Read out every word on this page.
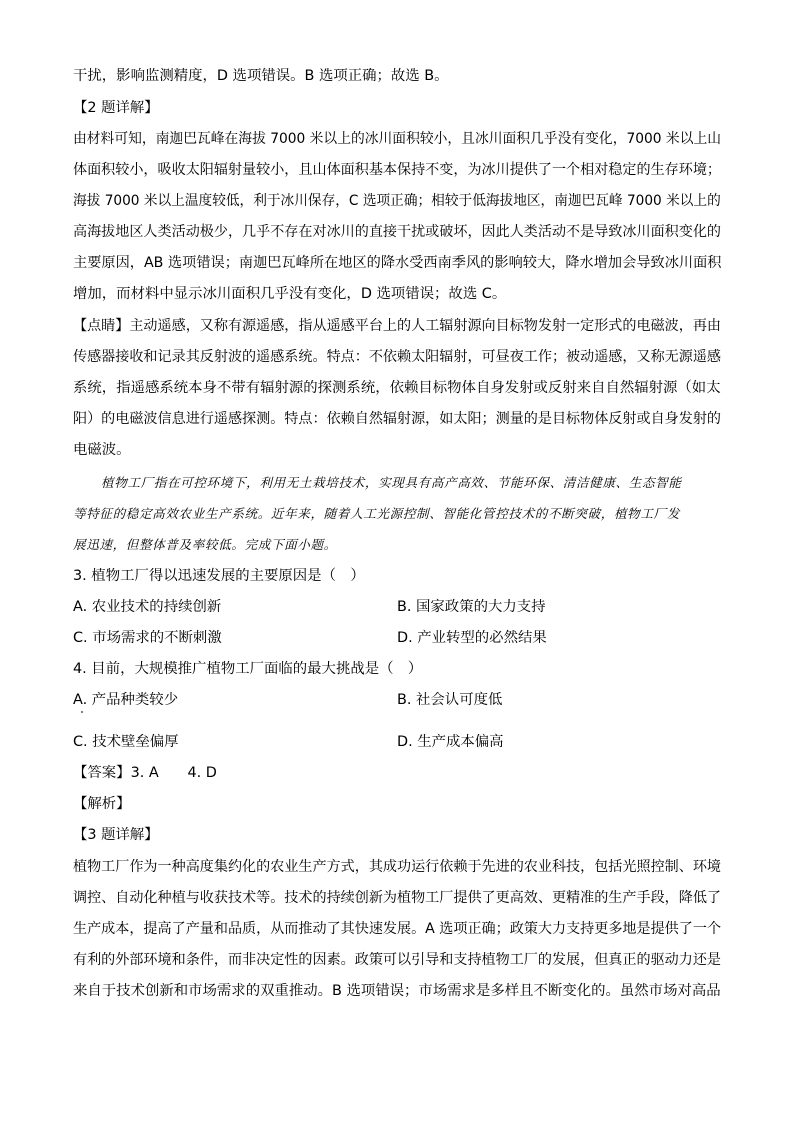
干扰，影响监测精度，D 选项错误。B 选项正确；故选 B。
【2 题详解】
由材料可知，南迦巴瓦峰在海拔 7000 米以上的冰川面积较小，且冰川面积几乎没有变化，7000 米以上山
体面积较小，吸收太阳辐射量较小，且山体面积基本保持不变，为冰川提供了一个相对稳定的生存环境；
海拔 7000 米以上温度较低，利于冰川保存，C 选项正确；相较于低海拔地区，南迦巴瓦峰 7000 米以上的
高海拔地区人类活动极少，几乎不存在对冰川的直接干扰或破坏，因此人类活动不是导致冰川面积变化的
主要原因，AB 选项错误；南迦巴瓦峰所在地区的降水受西南季风的影响较大，降水增加会导致冰川面积
增加，而材料中显示冰川面积几乎没有变化，D 选项错误；故选 C。
【点睛】主动遥感，又称有源遥感，指从遥感平台上的人工辐射源向目标物发射一定形式的电磁波，再由
传感器接收和记录其反射波的遥感系统。特点：不依赖太阳辐射，可昼夜工作；被动遥感，又称无源遥感
系统，指遥感系统本身不带有辐射源的探测系统，依赖目标物体自身发射或反射来自自然辐射源（如太
阳）的电磁波信息进行遥感探测。特点：依赖自然辐射源，如太阳；测量的是目标物体反射或自身发射的
电磁波。
植物工厂指在可控环境下，利用无土栽培技术，实现具有高产高效、节能环保、清洁健康、生态智能
等特征的稳定高效农业生产系统。近年来，随着人工光源控制、智能化管控技术的不断突破，植物工厂发
展迅速，但整体普及率较低。完成下面小题。
3. 植物工厂得以迅速发展的主要原因是（　）
A. 农业技术的持续创新	B. 国家政策的大力支持
C. 市场需求的不断刺激	D. 产业转型的必然结果
4. 目前，大规模推广植物工厂面临的最大挑战是（　）
A. 产品种类较少	B. 社会认可度低
C. 技术壁垒偏厚	D. 生产成本偏高
【答案】3. A　　4. D
【解析】
【3 题详解】
植物工厂作为一种高度集约化的农业生产方式，其成功运行依赖于先进的农业科技，包括光照控制、环境
调控、自动化种植与收获技术等。技术的持续创新为植物工厂提供了更高效、更精准的生产手段，降低了
生产成本，提高了产量和品质，从而推动了其快速发展。A 选项正确；政策大力支持更多地是提供了一个
有利的外部环境和条件，而非决定性的因素。政策可以引导和支持植物工厂的发展，但真正的驱动力还是
来自于技术创新和市场需求的双重推动。B 选项错误；市场需求是多样且不断变化的。虽然市场对高品
